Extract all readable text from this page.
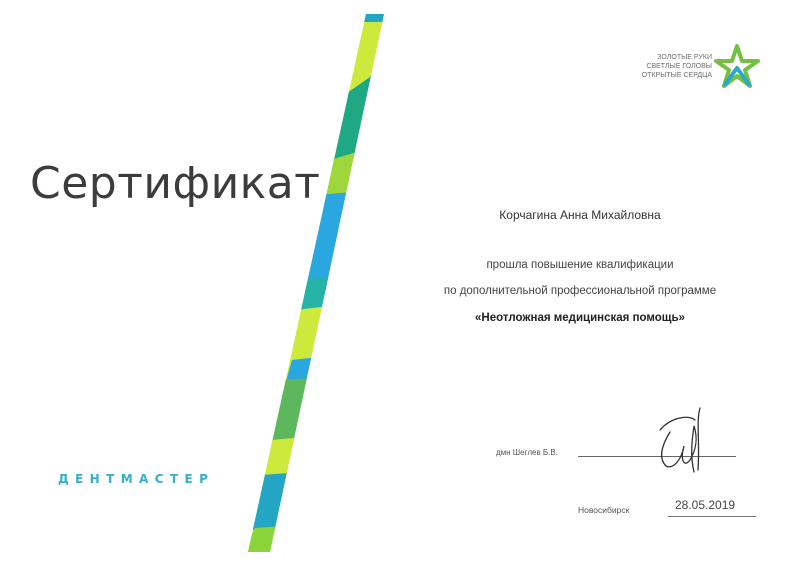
Сертификат
ДЕНТМАСТЕР
ЗОЛОТЫЕ РУКИ
СВЕТЛЫЕ ГОЛОВЫ
ОТКРЫТЫЕ СЕРДЦА
Корчагина Анна Михайловна
прошла повышение квалификации
по дополнительной профессиональной программе
«Неотложная медицинская помощь»
дмн Шеглев Б.В.
Новосибирск	28.05.2019
